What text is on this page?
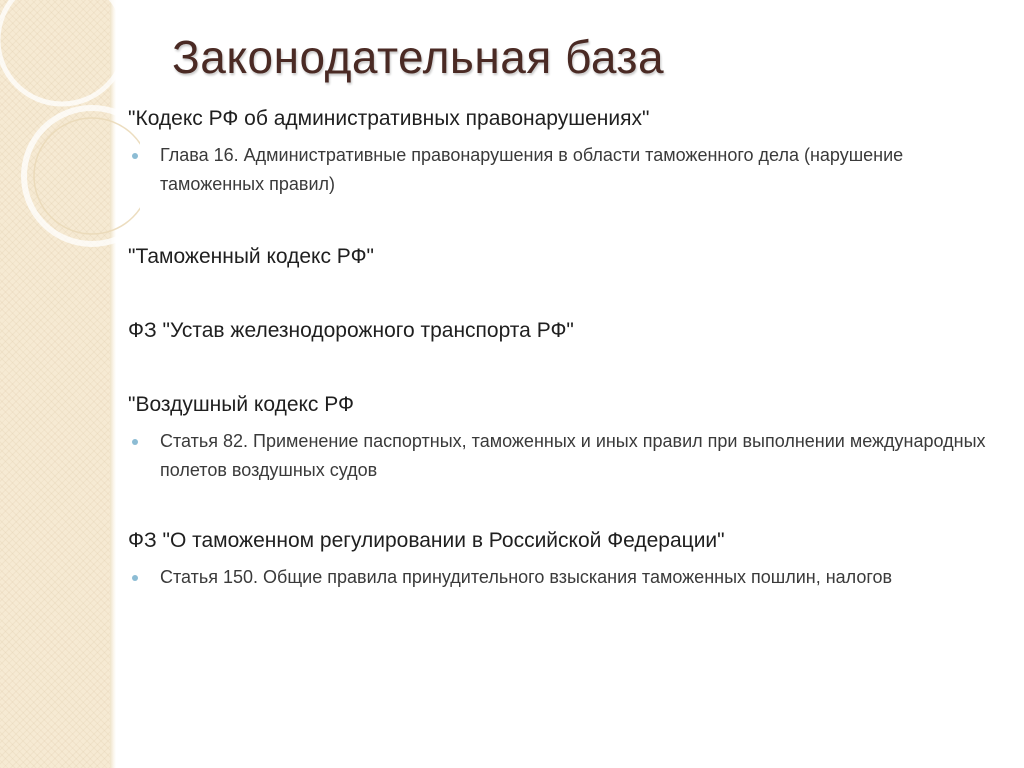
Законодательная база

"Кодекс РФ об административных правонарушениях"

Глава 16. Административные правонарушения в области таможенного дела (нарушение таможенных правил)

"Таможенный кодекс РФ"

ФЗ "Устав железнодорожного транспорта РФ"

"Воздушный кодекс РФ

Статья 82. Применение паспортных, таможенных и иных правил при выполнении международных полетов воздушных судов

ФЗ "О таможенном регулировании в Российской Федерации"

Статья 150. Общие правила принудительного взыскания таможенных пошлин, налогов
